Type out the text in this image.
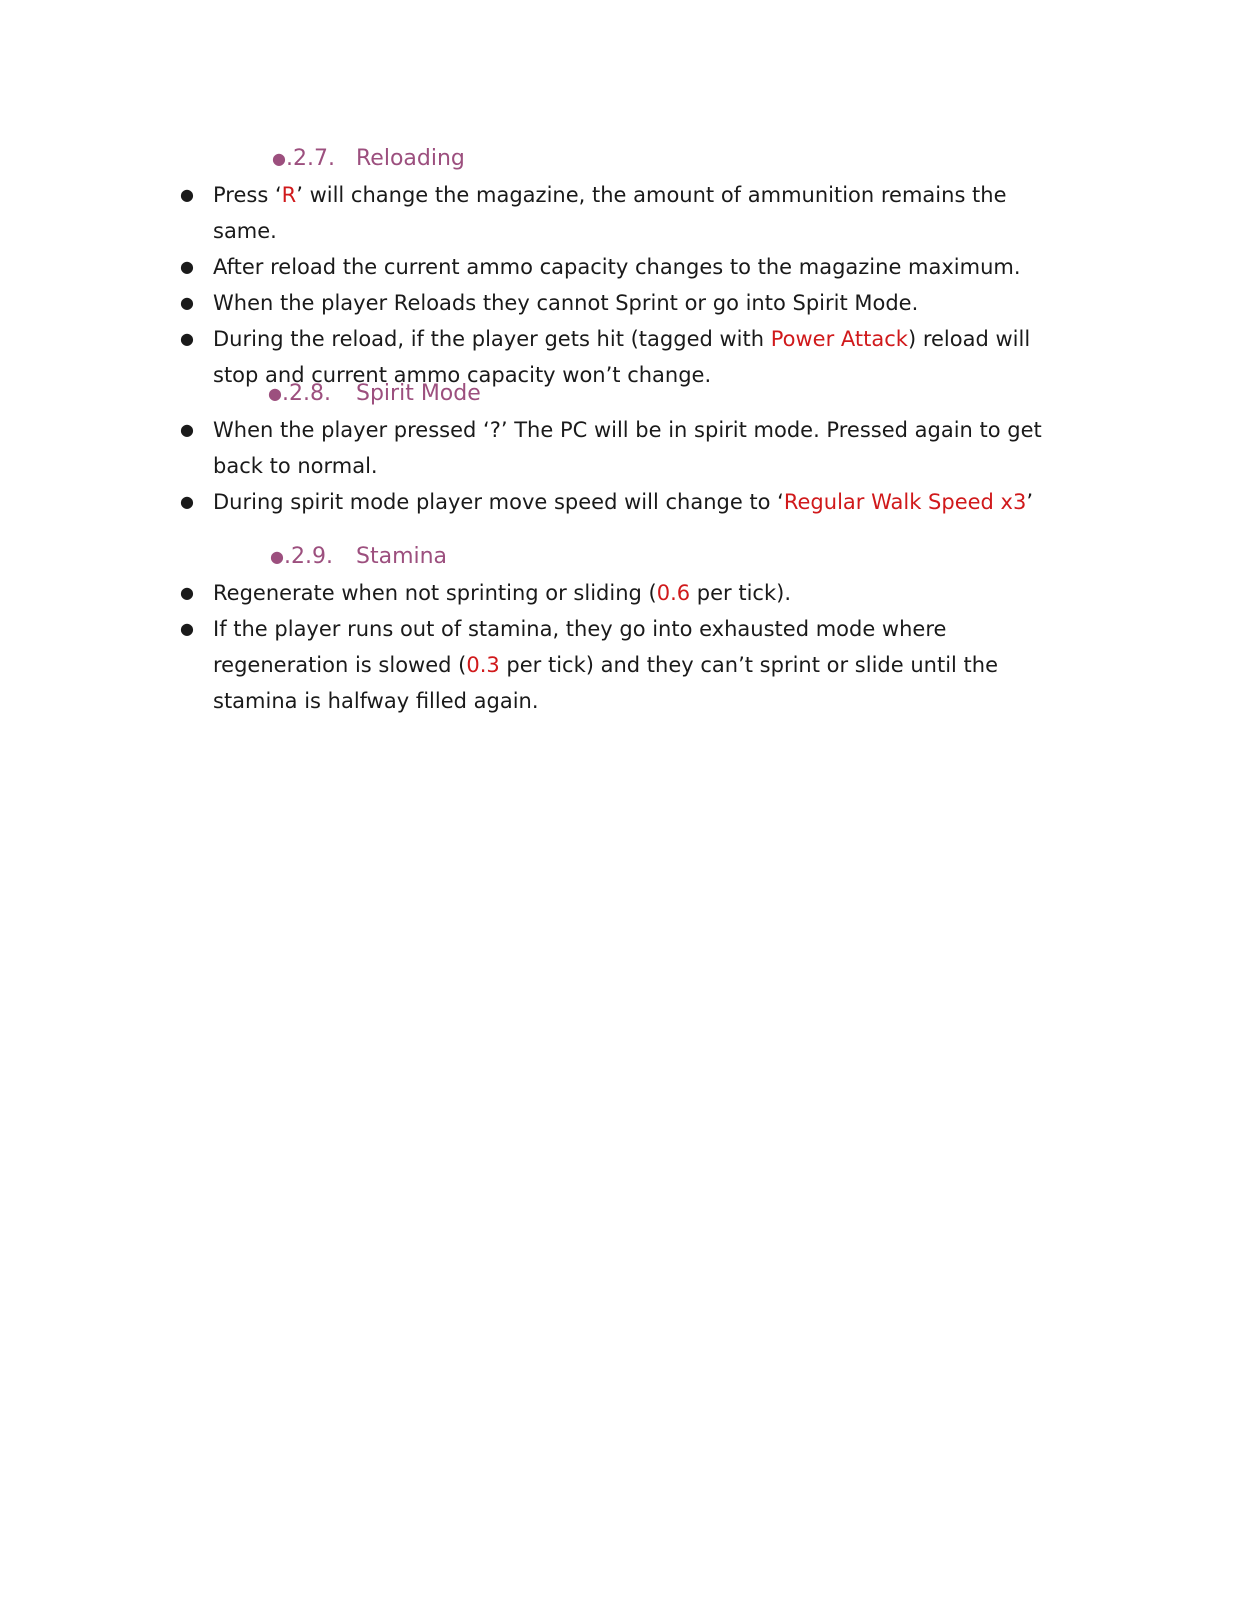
●.2.7. Reloading
● Press ‘R’ will change the magazine, the amount of ammunition remains the same.
● After reload the current ammo capacity changes to the magazine maximum.
● When the player Reloads they cannot Sprint or go into Spirit Mode.
● During the reload, if the player gets hit (tagged with Power Attack) reload will stop and current ammo capacity won’t change.
●.2.8. Spirit Mode
● When the player pressed ‘?’ The PC will be in spirit mode. Pressed again to get back to normal.
● During spirit mode player move speed will change to ‘Regular Walk Speed x3’
●.2.9. Stamina
● Regenerate when not sprinting or sliding (0.6 per tick).
● If the player runs out of stamina, they go into exhausted mode where regeneration is slowed (0.3 per tick) and they can’t sprint or slide until the stamina is halfway filled again.
